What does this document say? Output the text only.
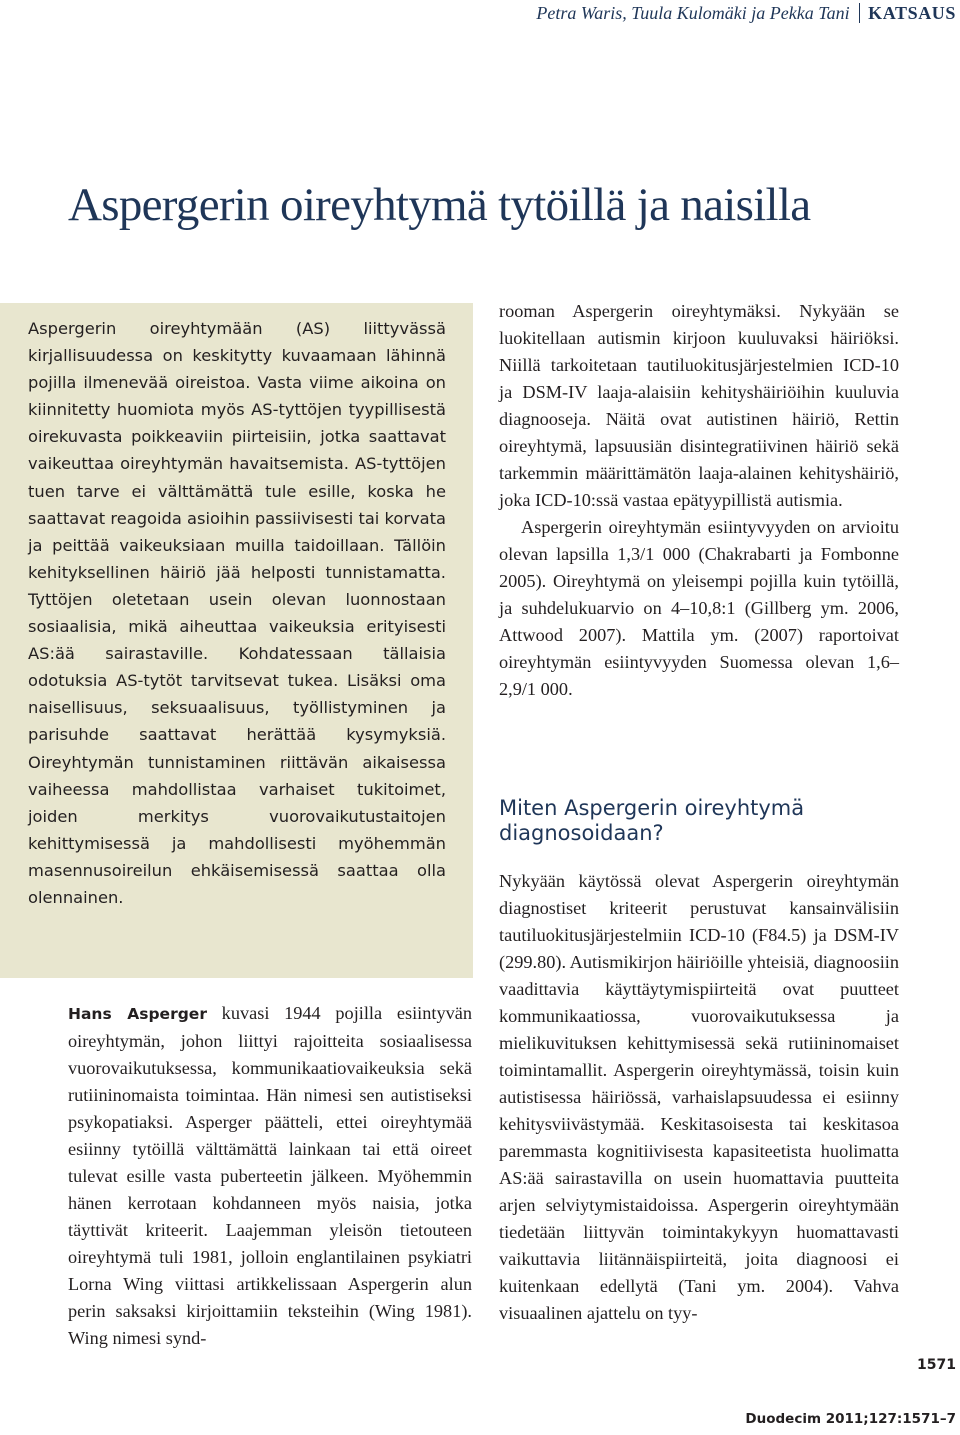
Petra Waris, Tuula Kulomäki ja Pekka Tani KATSAUS
Aspergerin oireyhtymä tytöillä ja naisilla

Aspergerin oireyhtymään (AS) liittyvässä kirjallisuudessa on keskitytty kuvaamaan lähinnä pojilla ilmenevää oireistoa. Vasta viime aikoina on kiinnitetty huomiota myös AS-tyttöjen tyypillisestä oirekuvasta poikkeaviin piirteisiin, jotka saattavat vaikeuttaa oireyhtymän havaitsemista. AS-tyttöjen tuen tarve ei välttämättä tule esille, koska he saattavat reagoida asioihin passiivisesti tai korvata ja peittää vaikeuksiaan muilla taidoillaan. Tällöin kehityksellinen häiriö jää helposti tunnistamatta. Tyttöjen oletetaan usein olevan luonnostaan sosiaalisia, mikä aiheuttaa vaikeuksia erityisesti AS:ää sairastaville. Kohdatessaan tällaisia odotuksia AS-tytöt tarvitsevat tukea. Lisäksi oma naisellisuus, seksuaalisuus, työllistyminen ja parisuhde saattavat herättää kysymyksiä. Oireyhtymän tunnistaminen riittävän aikaisessa vaiheessa mahdollistaa varhaiset tukitoimet, joiden merkitys vuorovaikutustaitojen kehittymisessä ja mahdollisesti myöhemmän masennusoireilun ehkäisemisessä saattaa olla olennainen.

Hans Asperger kuvasi 1944 pojilla esiintyvän oireyhtymän, johon liittyi rajoitteita sosiaalisessa vuorovaikutuksessa, kommunikaatiovaikeuksia sekä rutiininomaista toimintaa. Hän nimesi sen autistiseksi psykopatiaksi. Asperger päätteli, ettei oireyhtymää esiinny tytöillä välttämättä lainkaan tai että oireet tulevat esille vasta puberteetin jälkeen. Myöhemmin hänen kerrotaan kohdanneen myös naisia, jotka täyttivät kriteerit. Laajemman yleisön tietouteen oireyhtymä tuli 1981, jolloin englantilainen psykiatri Lorna Wing viittasi artikkelissaan Aspergerin alun perin saksaksi kirjoittamiin teksteihin (Wing 1981). Wing nimesi synd-

rooman Aspergerin oireyhtymäksi. Nykyään se luokitellaan autismin kirjoon kuuluvaksi häiriöksi. Niillä tarkoitetaan tautiluokitusjärjestelmien ICD-10 ja DSM-IV laaja-alaisiin kehityshäiriöihin kuuluvia diagnooseja. Näitä ovat autistinen häiriö, Rettin oireyhtymä, lapsuusiän disintegratiivinen häiriö sekä tarkemmin määrittämätön laaja-alainen kehityshäiriö, joka ICD-10:ssä vastaa epätyypillistä autismia.

Aspergerin oireyhtymän esiintyvyyden on arvioitu olevan lapsilla 1,3/1 000 (Chakrabarti ja Fombonne 2005). Oireyhtymä on yleisempi pojilla kuin tytöillä, ja suhdelukuarvio on 4–10,8:1 (Gillberg ym. 2006, Attwood 2007). Mattila ym. (2007) raportoivat oireyhtymän esiintyvyyden Suomessa olevan 1,6–2,9/1 000.

Miten Aspergerin oireyhtymä diagnosoidaan?

Nykyään käytössä olevat Aspergerin oireyhtymän diagnostiset kriteerit perustuvat kansainvälisiin tautiluokitusjärjestelmiin ICD-10 (F84.5) ja DSM-IV (299.80). Autismikirjon häiriöille yhteisiä, diagnoosiin vaadittavia käyttäytymispiirteitä ovat puutteet kommunikaatiossa, vuorovaikutuksessa ja mielikuvituksen kehittymisessä sekä rutiininomaiset toimintamallit. Aspergerin oireyhtymässä, toisin kuin autistisessa häiriössä, varhaislapsuudessa ei esiinny kehitysviivästymää. Keskitasoisesta tai keskitasoa paremmasta kognitiivisesta kapasiteetista huolimatta AS:ää sairastavilla on usein huomattavia puutteita arjen selviytymistaidoissa. Aspergerin oireyhtymään tiedetään liittyvän toimintakykyyn huomattavasti vaikuttavia liitännäispiirteitä, joita diagnoosi ei kuitenkaan edellytä (Tani ym. 2004). Vahva visuaalinen ajattelu on tyy-

1571
Duodecim 2011;127:1571–7
